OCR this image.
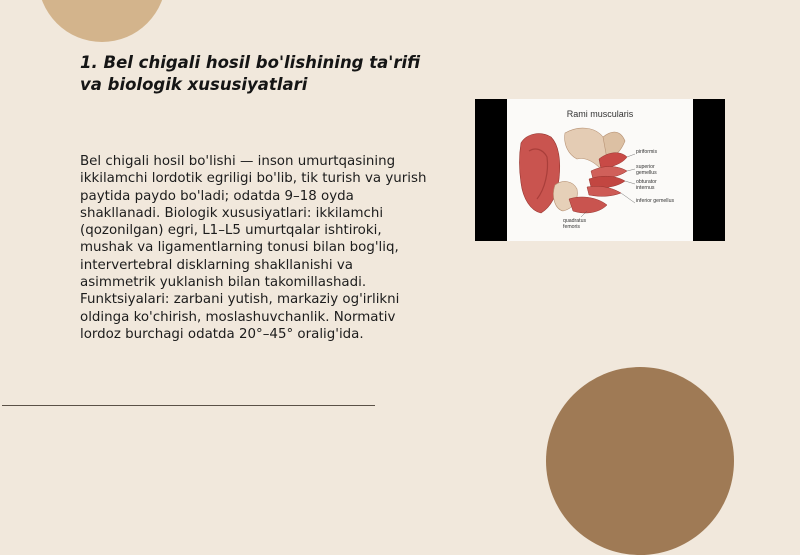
1. Bel chigali hosil bo'lishining ta'rifi
va biologik xususiyatlari

Bel chigali hosil bo'lishi — inson umurtqasining ikkilamchi lordotik egriligi bo'lib, tik turish va yurish paytida paydo bo'ladi; odatda 9–18 oyda shakllanadi. Biologik xususiyatlari: ikkilamchi (qozonilgan) egri, L1–L5 umurtqalar ishtiroki, mushak va ligamentlarning tonusi bilan bog'liq, intervertebral disklarning shakllanishi va asimmetrik yuklanish bilan takomillashadi. Funktsiyalari: zarbani yutish, markaziy og'irlikni oldinga ko'chirish, moslashuvchanlik. Normativ lordoz burchagi odatda 20°–45° oralig'ida.

Rami muscularis
piriformis
superior gemellus
obturator internus
inferior gemellus
quadratus femoris
